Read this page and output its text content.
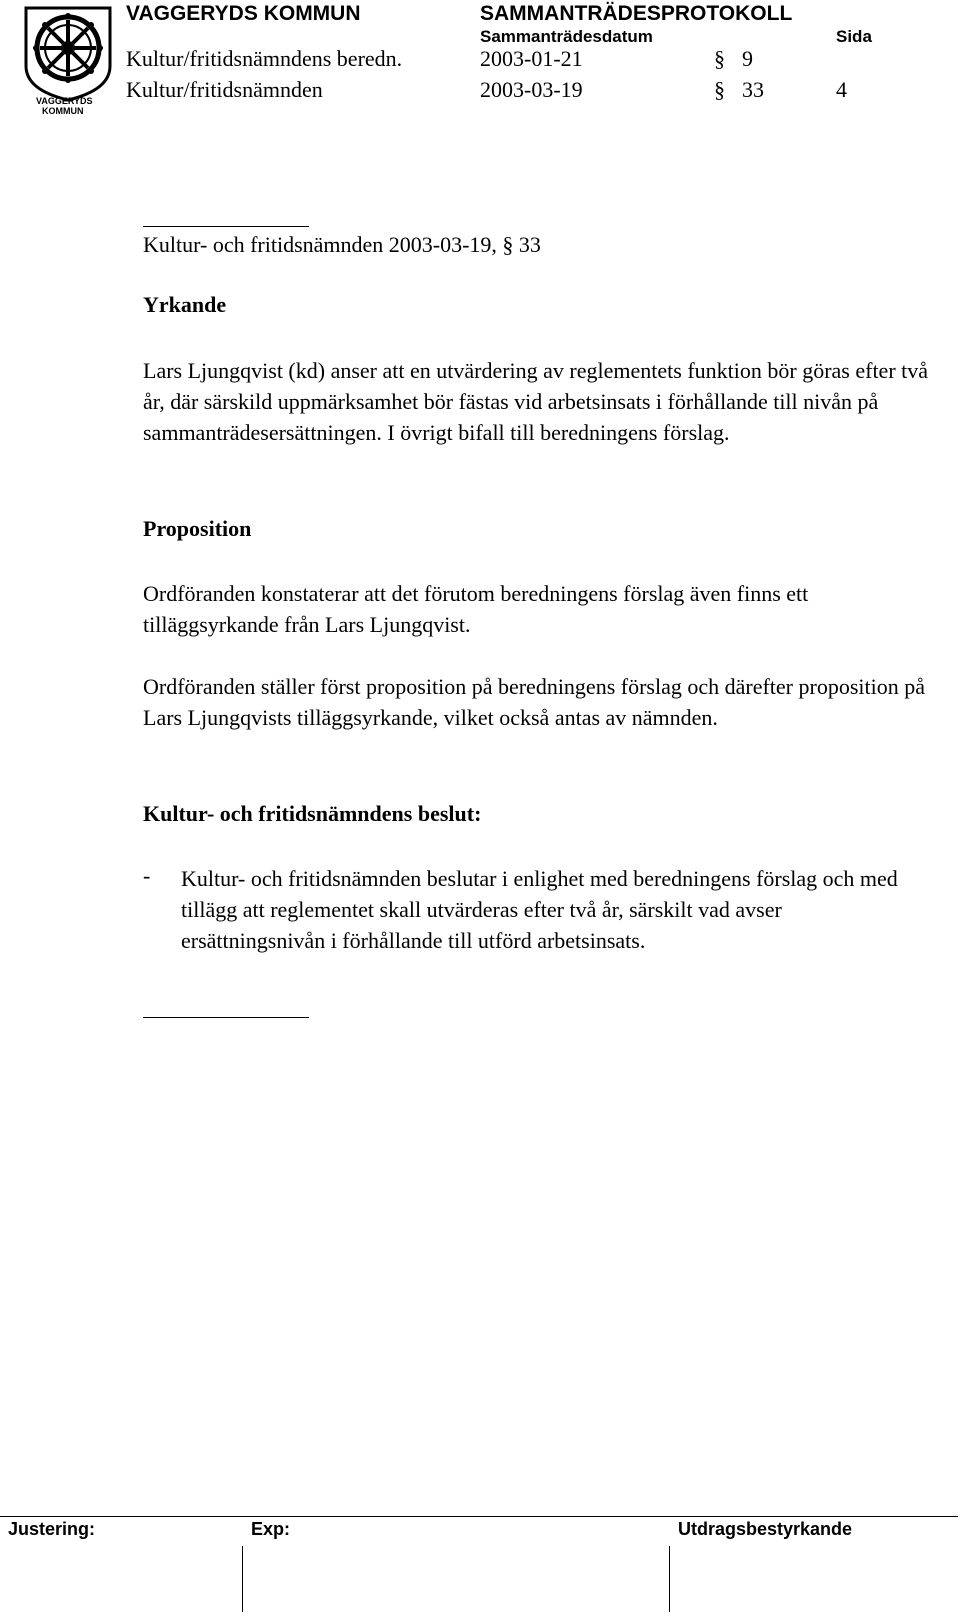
VAGGERYDS
KOMMUN
VAGGERYDS KOMMUN	SAMMANTRÄDESPROTOKOLL
Sammanträdesdatum	Sida
Kultur/fritidsnämndens beredn.	2003-01-21	§ 9
Kultur/fritidsnämnden	2003-03-19	§ 33	4
Kultur- och fritidsnämnden 2003-03-19, § 33
Yrkande
Lars Ljungqvist (kd) anser att en utvärdering av reglementets funktion bör göras efter två år, där särskild uppmärksamhet bör fästas vid arbetsinsats i förhållande till nivån på sammanträdesersättningen. I övrigt bifall till beredningens förslag.
Proposition
Ordföranden konstaterar att det förutom beredningens förslag även finns ett tilläggsyrkande från Lars Ljungqvist.
Ordföranden ställer först proposition på beredningens förslag och därefter proposition på Lars Ljungqvists tilläggsyrkande, vilket också antas av nämnden.
Kultur- och fritidsnämndens beslut:
- Kultur- och fritidsnämnden beslutar i enlighet med beredningens förslag och med tillägg att reglementet skall utvärderas efter två år, särskilt vad avser ersättningsnivån i förhållande till utförd arbetsinsats.
Justering:	Exp:	Utdragsbestyrkande
